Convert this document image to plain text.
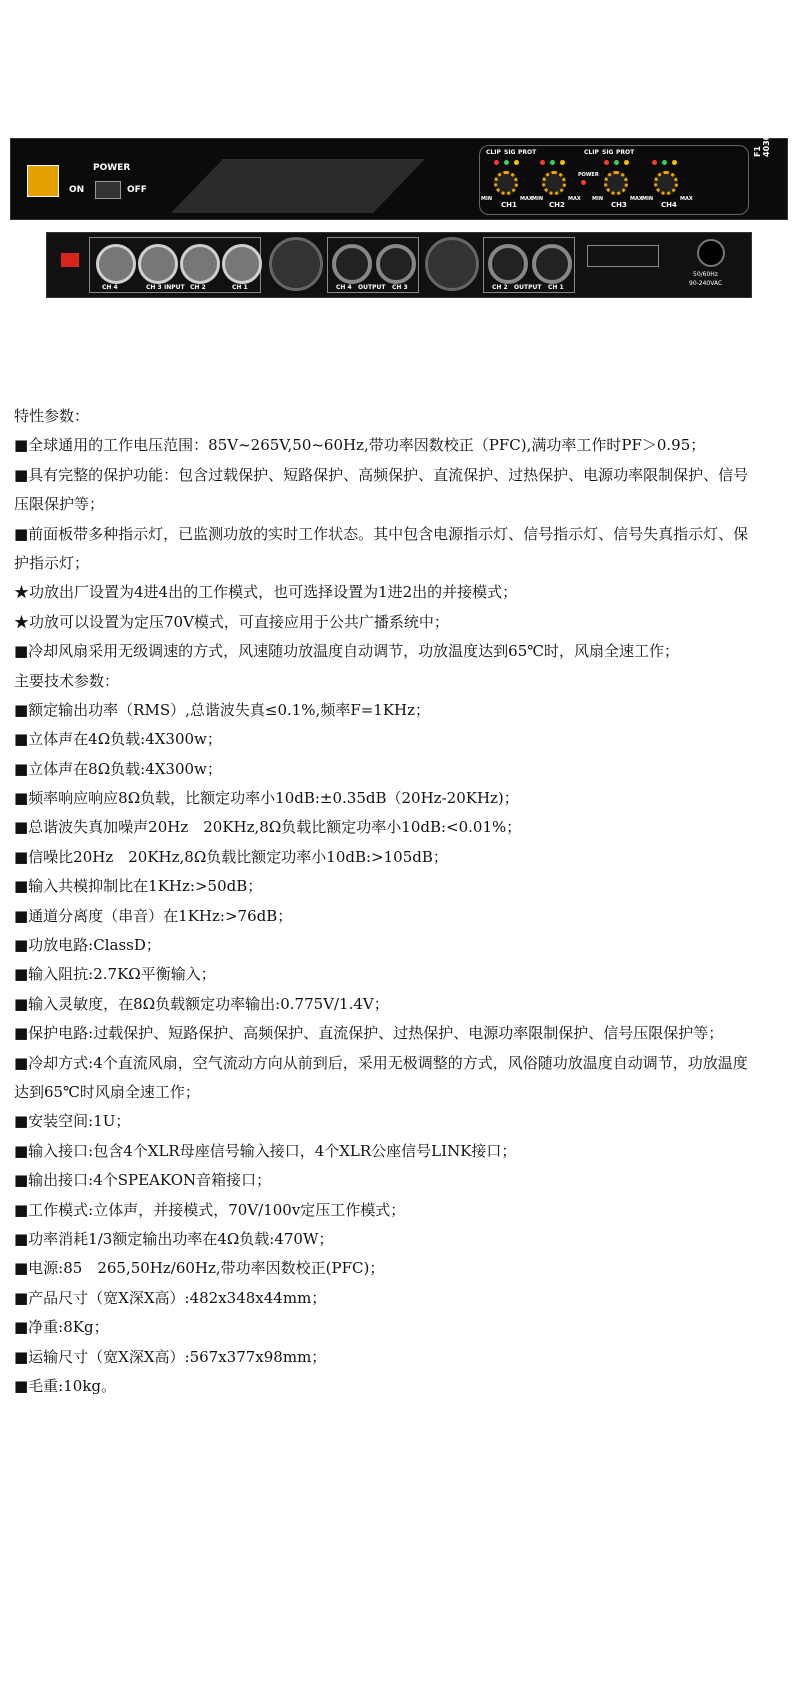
POWER
ON	OFF
CLIP SIG PROT	CLIP SIG PROT
POWER
MIN
CH1
MAX MIN
CH2
MAX MIN
CH3
MAX MIN
CH4
MAX
F1 4030
CH 4	CH 3 INPUT CH 2	CH 1	CH 4 OUTPUT CH 3	CH 2 OUTPUT CH 1
50/60Hz
90-240VAC
特性参数：
■全球通用的工作电压范围：85V~265V,50~60Hz,带功率因数校正（PFC),满功率工作时PF＞0.95；
■具有完整的保护功能：包含过载保护、短路保护、高频保护、直流保护、过热保护、电源功率限制保护、信号
压限保护等；
■前面板带多种指示灯，已监测功放的实时工作状态。其中包含电源指示灯、信号指示灯、信号失真指示灯、保
护指示灯；
★功放出厂设置为4进4出的工作模式，也可选择设置为1进2出的并接模式；
★功放可以设置为定压70V模式，可直接应用于公共广播系统中；
■冷却风扇采用无级调速的方式，风速随功放温度自动调节，功放温度达到65℃时，风扇全速工作；
主要技术参数：
■额定输出功率（RMS）,总谐波失真≤0.1%,频率F=1KHz；
■立体声在4Ω负载:4X300w；
■立体声在8Ω负载:4X300w；
■频率响应响应8Ω负载，比额定功率小10dB:±0.35dB（20Hz-20KHz)；
■总谐波失真加噪声20Hz　20KHz,8Ω负载比额定功率小10dB:<0.01%；
■信噪比20Hz　20KHz,8Ω负载比额定功率小10dB:>105dB；
■输入共模抑制比在1KHz:>50dB；
■通道分离度（串音）在1KHz:>76dB；
■功放电路:ClassD；
■输入阻抗:2.7KΩ平衡输入；
■输入灵敏度，在8Ω负载额定功率输出:0.775V/1.4V；
■保护电路:过载保护、短路保护、高频保护、直流保护、过热保护、电源功率限制保护、信号压限保护等；
■冷却方式:4个直流风扇，空气流动方向从前到后，采用无极调整的方式，风俗随功放温度自动调节，功放温度
达到65℃时风扇全速工作；
■安装空间:1U；
■输入接口:包含4个XLR母座信号输入接口，4个XLR公座信号LINK接口；
■输出接口:4个SPEAKON音箱接口；
■工作模式:立体声，并接模式，70V/100v定压工作模式；
■功率消耗1/3额定输出功率在4Ω负载:470W；
■电源:85　265,50Hz/60Hz,带功率因数校正(PFC)；
■产品尺寸（宽X深X高）:482x348x44mm；
■净重:8Kg；
■运输尺寸（宽X深X高）:567x377x98mm；
■毛重:10kg。
